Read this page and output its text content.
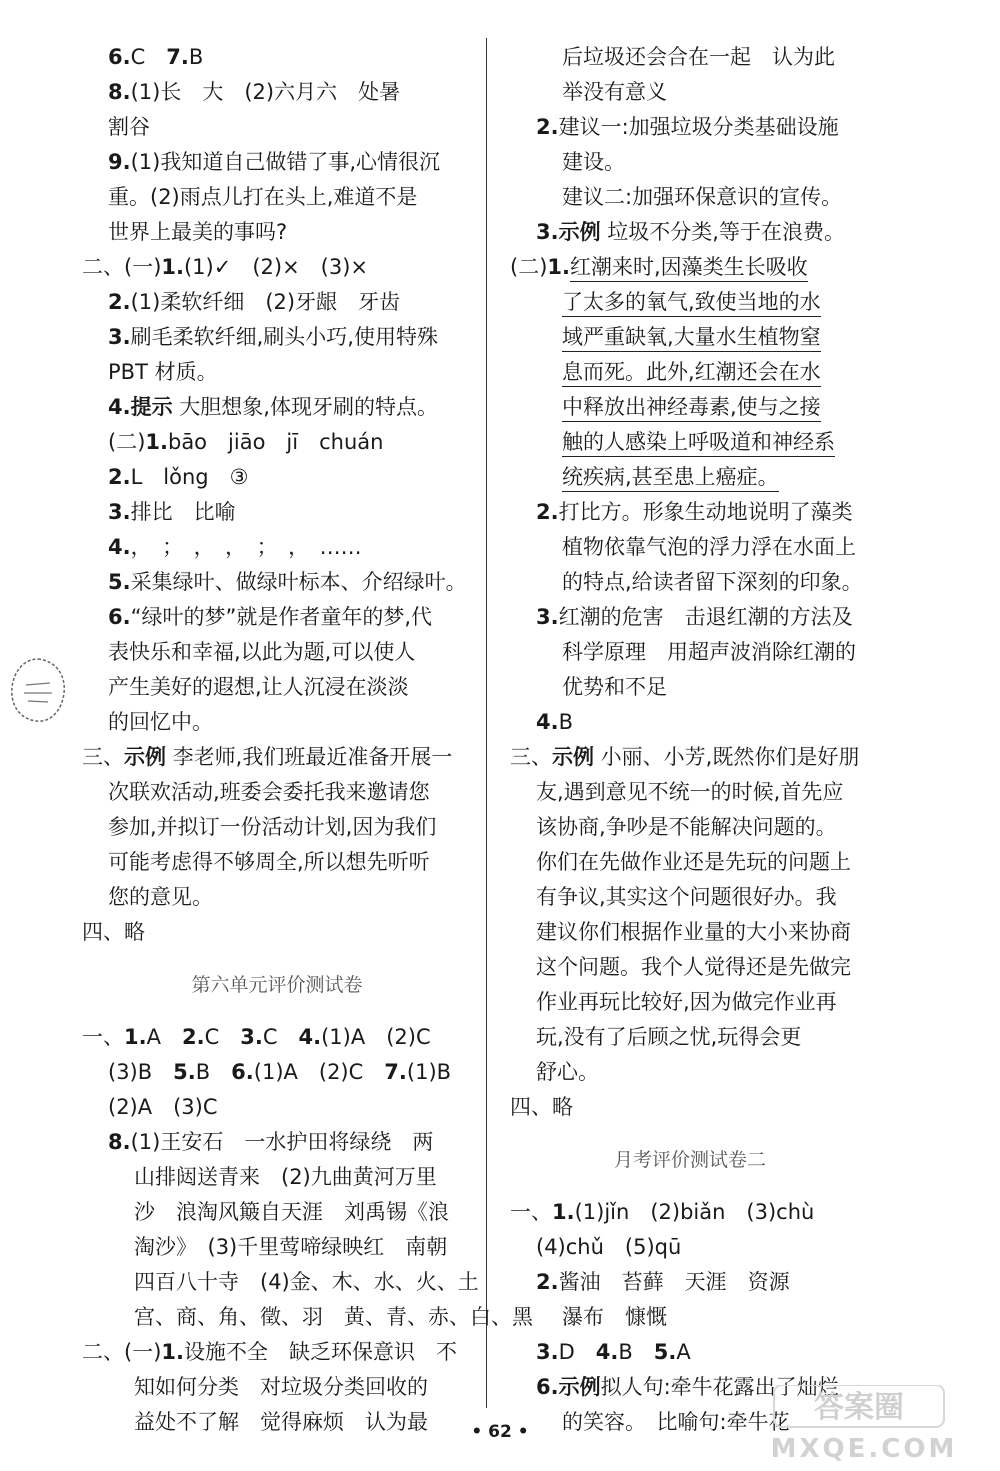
6.C　7.B
8.(1)长　大　(2)六月六　处暑
割谷
9.(1)我知道自己做错了事,心情很沉
重。(2)雨点儿打在头上,难道不是
世界上最美的事吗?
二、(一)1.(1)✓　(2)×　(3)×
2.(1)柔软纤细　(2)牙龈　牙齿
3.刷毛柔软纤细,刷头小巧,使用特殊
PBT 材质。
4.提示 大胆想象,体现牙刷的特点。
(二)1.bāo　jiāo　jī　chuán
2.L　lǒng　③
3.排比　比喻
4.，　；　，　，　；　，　……
5.采集绿叶、做绿叶标本、介绍绿叶。
6.“绿叶的梦”就是作者童年的梦,代
表快乐和幸福,以此为题,可以使人
产生美好的遐想,让人沉浸在淡淡
的回忆中。
三、示例 李老师,我们班最近准备开展一
次联欢活动,班委会委托我来邀请您
参加,并拟订一份活动计划,因为我们
可能考虑得不够周全,所以想先听听
您的意见。
四、略
第六单元评价测试卷
一、1.A　2.C　3.C　4.(1)A　(2)C
(3)B　5.B　6.(1)A　(2)C　7.(1)B
(2)A　(3)C
8.(1)王安石　一水护田将绿绕　两
山排闼送青来　(2)九曲黄河万里
沙　浪淘风簸自天涯　刘禹锡《浪
淘沙》　(3)千里莺啼绿映红　南朝
四百八十寺　(4)金、木、水、火、土
宫、商、角、徵、羽　黄、青、赤、白、黑
二、(一)1.设施不全　缺乏环保意识　不
知如何分类　对垃圾分类回收的
益处不了解　觉得麻烦　认为最
后垃圾还会合在一起　认为此
举没有意义
2.建议一:加强垃圾分类基础设施
建设。
建议二:加强环保意识的宣传。
3.示例 垃圾不分类,等于在浪费。
(二)1.红潮来时,因藻类生长吸收
了太多的氧气,致使当地的水
域严重缺氧,大量水生植物窒
息而死。此外,红潮还会在水
中释放出神经毒素,使与之接
触的人感染上呼吸道和神经系
统疾病,甚至患上癌症。
2.打比方。形象生动地说明了藻类
植物依靠气泡的浮力浮在水面上
的特点,给读者留下深刻的印象。
3.红潮的危害　击退红潮的方法及
科学原理　用超声波消除红潮的
优势和不足
4.B
三、示例 小丽、小芳,既然你们是好朋
友,遇到意见不统一的时候,首先应
该协商,争吵是不能解决问题的。
你们在先做作业还是先玩的问题上
有争议,其实这个问题很好办。我
建议你们根据作业量的大小来协商
这个问题。我个人觉得还是先做完
作业再玩比较好,因为做完作业再
玩,没有了后顾之忧,玩得会更
舒心。
四、略
月考评价测试卷二
一、1.(1)jǐn　(2)biǎn　(3)chù
(4)chǔ　(5)qū
2.酱油　苔藓　天涯　资源
瀑布　慷慨
3.D　4.B　5.A
6.示例拟人句:牵牛花露出了灿烂
的笑容。　比喻句:牵牛花
• 62 •
答案圈
MXQE.COM
